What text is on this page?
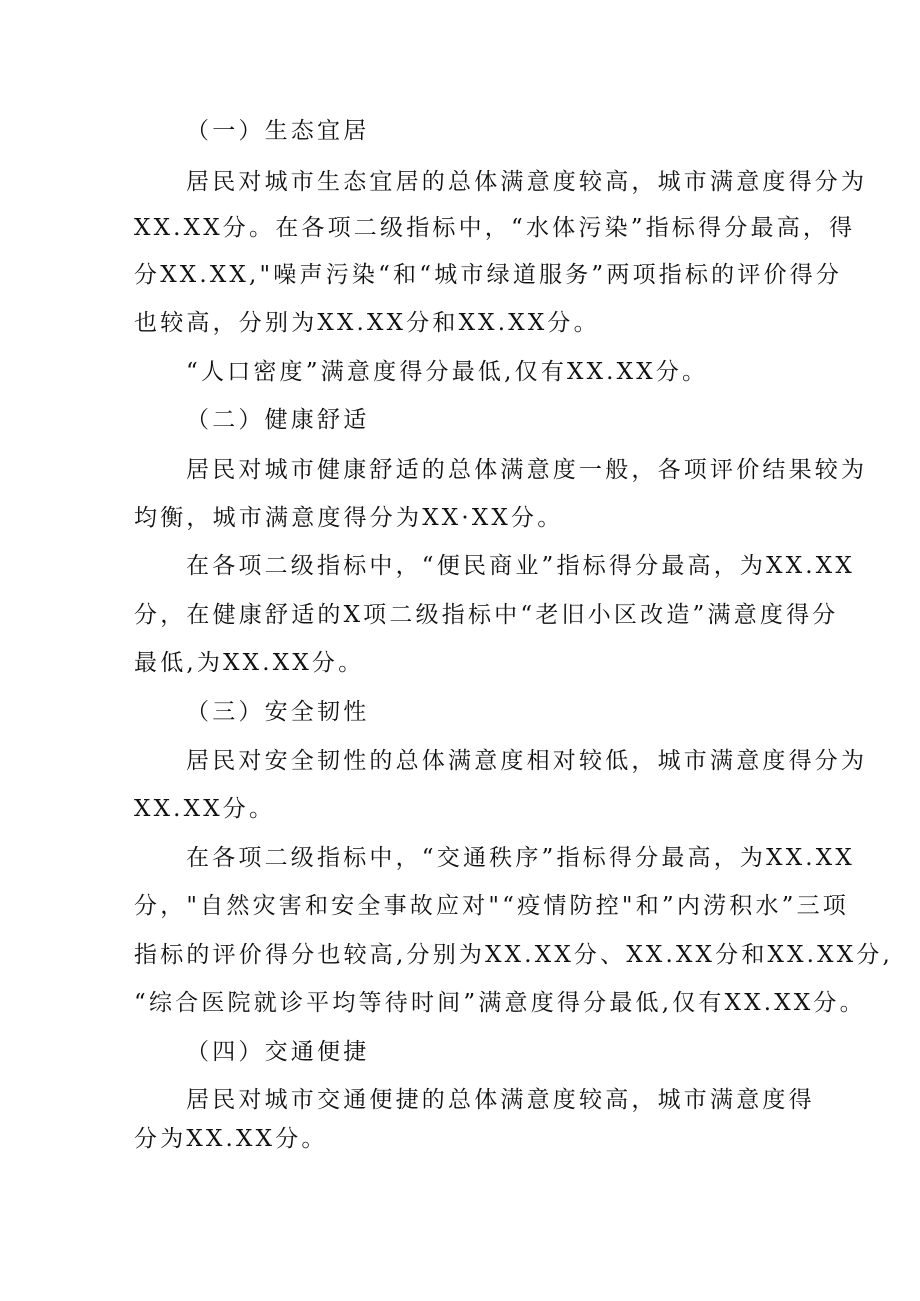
（一）生态宜居
居民对城市生态宜居的总体满意度较高，城市满意度得分为
XX.XX分。在各项二级指标中，“水体污染”指标得分最高，得
分XX.XX,"噪声污染“和“城市绿道服务”两项指标的评价得分
也较高，分别为XX.XX分和XX.XX分。
“人口密度”满意度得分最低,仅有XX.XX分。
（二）健康舒适
居民对城市健康舒适的总体满意度一般，各项评价结果较为
均衡，城市满意度得分为XX·XX分。
在各项二级指标中，“便民商业”指标得分最高，为XX.XX
分，在健康舒适的X项二级指标中“老旧小区改造”满意度得分
最低,为XX.XX分。
（三）安全韧性
居民对安全韧性的总体满意度相对较低，城市满意度得分为
XX.XX分。
在各项二级指标中，“交通秩序”指标得分最高，为XX.XX
分，"自然灾害和安全事故应对"“疫情防控"和”内涝积水”三项
指标的评价得分也较高,分别为XX.XX分、XX.XX分和XX.XX分,
“综合医院就诊平均等待时间”满意度得分最低,仅有XX.XX分。
（四）交通便捷
居民对城市交通便捷的总体满意度较高，城市满意度得
分为XX.XX分。
